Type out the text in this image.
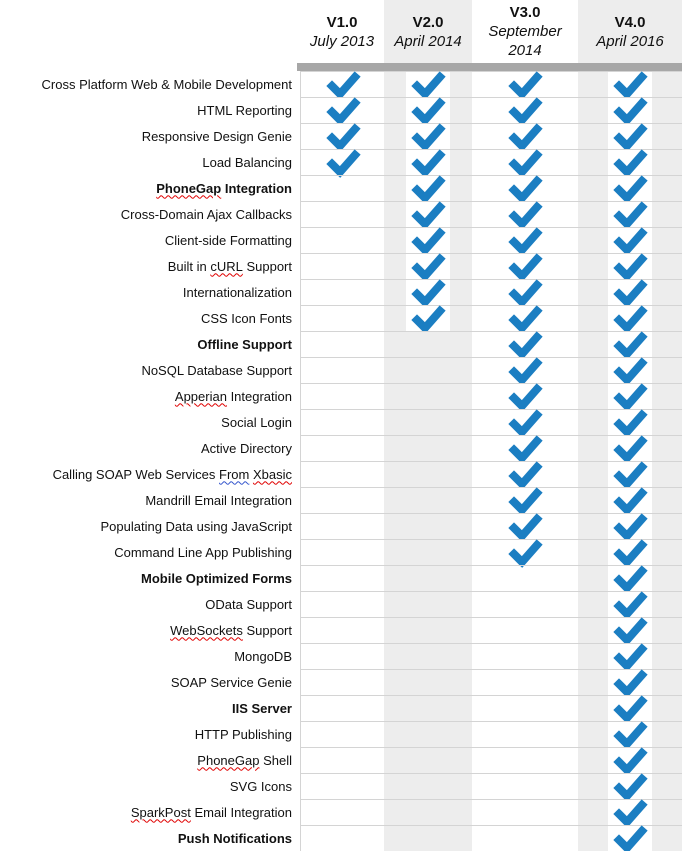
V1.0
July 2013
V2.0
April 2014
V3.0
September 2014
V4.0
April 2016
Cross Platform Web & Mobile Development
HTML Reporting
Responsive Design Genie
Load Balancing
PhoneGap Integration
Cross-Domain Ajax Callbacks
Client-side Formatting
Built in cURL Support
Internationalization
CSS Icon Fonts
Offline Support
NoSQL Database Support
Apperian Integration
Social Login
Active Directory
Calling SOAP Web Services From
Xbasic
Mandrill Email Integration
Populating Data using JavaScript
Command Line App Publishing
Mobile Optimized Forms
OData Support
WebSockets Support
MongoDB
SOAP Service Genie
IIS Server
HTTP Publishing
PhoneGap Shell
SVG Icons
SparkPost Email Integration
Push Notifications
